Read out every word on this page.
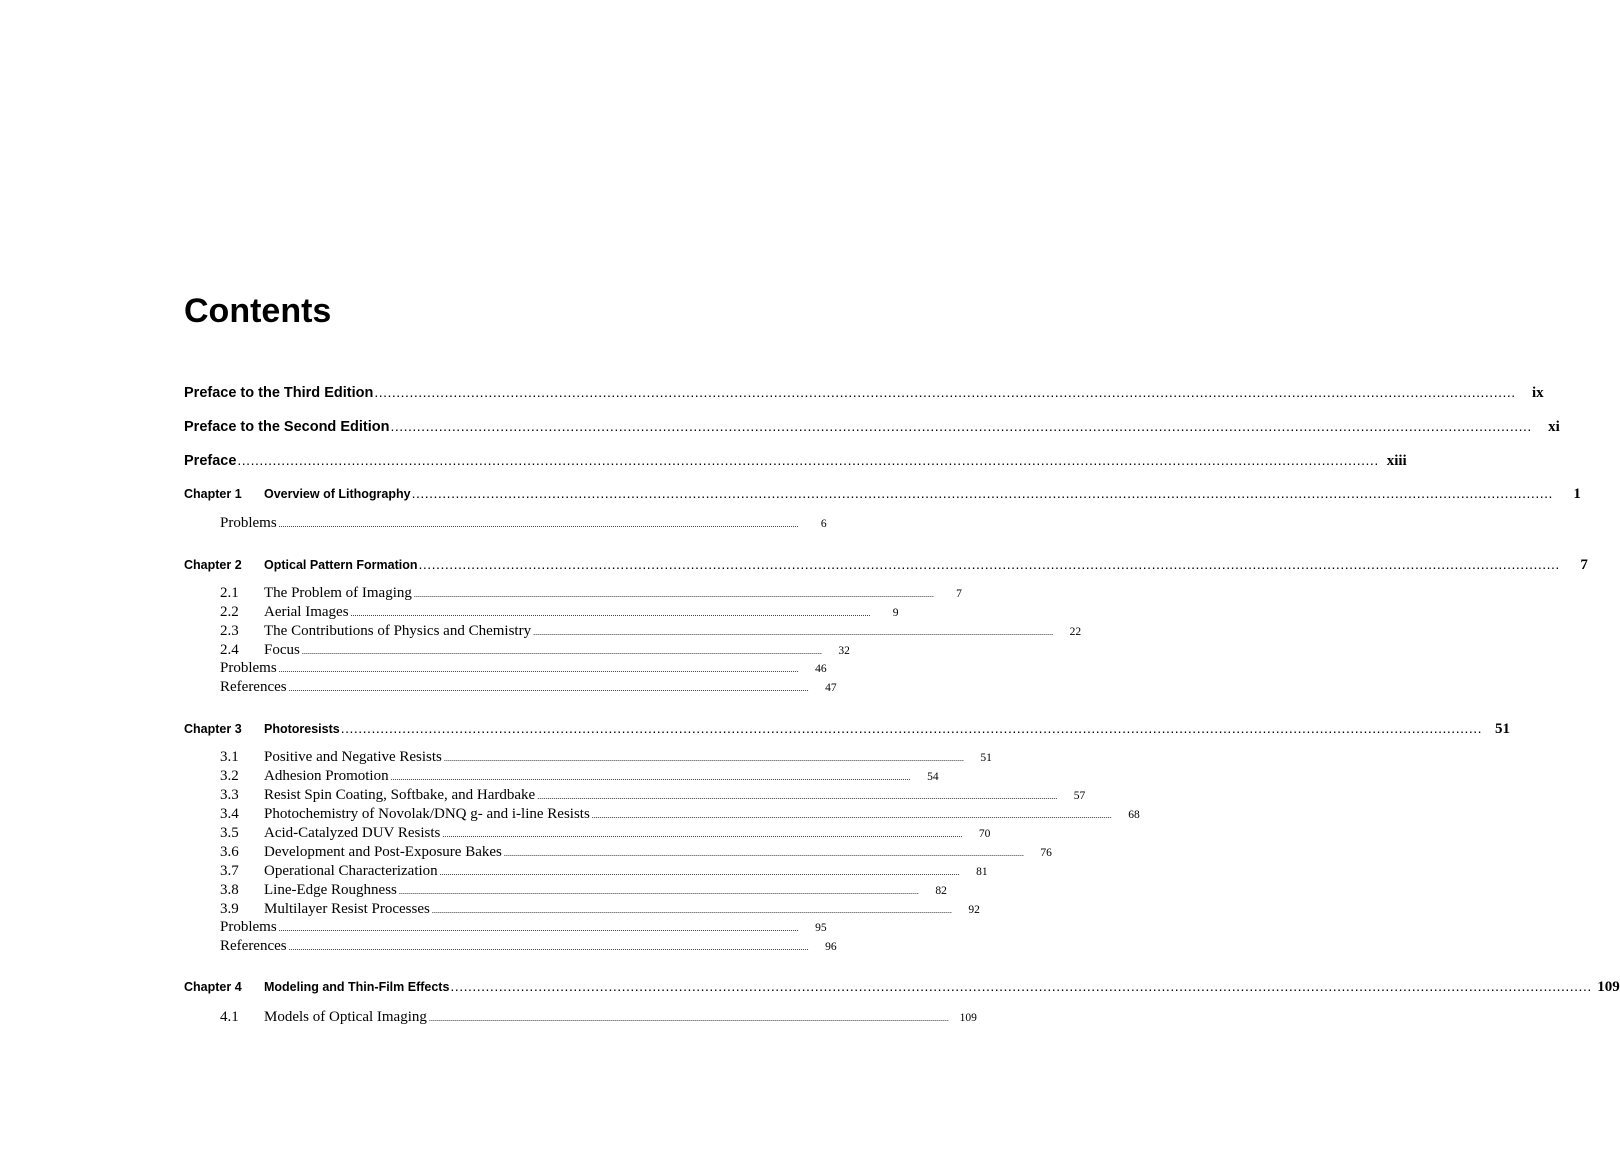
Contents
Preface to the Third Edition ....................................................................................................................................................................................................................................................................	ix
Preface to the Second Edition ....................................................................................................................................................................................................................................................................	xi
Preface .................................................................................................................................................................................................................................................................... xiii
Chapter 1 Overview of Lithography ....................................................................................................................................................................................................................................................................	1
Problems ....................................................................................................................................................................................................................................................................	6
Chapter 2 Optical Pattern Formation ....................................................................................................................................................................................................................................................................	7
2.1 The Problem of Imaging ....................................................................................................................................................................................................................................................................	7
2.2 Aerial Images ....................................................................................................................................................................................................................................................................	9
2.3 The Contributions of Physics and Chemistry ....................................................................................................................................................................................................................................................................	22
2.4 Focus ....................................................................................................................................................................................................................................................................	32
Problems ....................................................................................................................................................................................................................................................................	46
References ....................................................................................................................................................................................................................................................................	47
Chapter 3 Photoresists .................................................................................................................................................................................................................................................................... 51
3.1 Positive and Negative Resists ....................................................................................................................................................................................................................................................................	51
3.2 Adhesion Promotion ....................................................................................................................................................................................................................................................................	54
3.3 Resist Spin Coating, Softbake, and Hardbake ....................................................................................................................................................................................................................................................................	57
3.4 Photochemistry of Novolak/DNQ g- and i-line Resists ....................................................................................................................................................................................................................................................................	68
3.5 Acid-Catalyzed DUV Resists ....................................................................................................................................................................................................................................................................	70
3.6 Development and Post-Exposure Bakes ....................................................................................................................................................................................................................................................................	76
3.7 Operational Characterization ....................................................................................................................................................................................................................................................................	81
3.8 Line-Edge Roughness ....................................................................................................................................................................................................................................................................	82
3.9 Multilayer Resist Processes ....................................................................................................................................................................................................................................................................	92
Problems ....................................................................................................................................................................................................................................................................	95
References ....................................................................................................................................................................................................................................................................	96
Chapter 4 Modeling and Thin-Film Effects .................................................................................................................................................................................................................................................................... 109
4.1 Models of Optical Imaging .................................................................................................................................................................................................................................................................... 109
